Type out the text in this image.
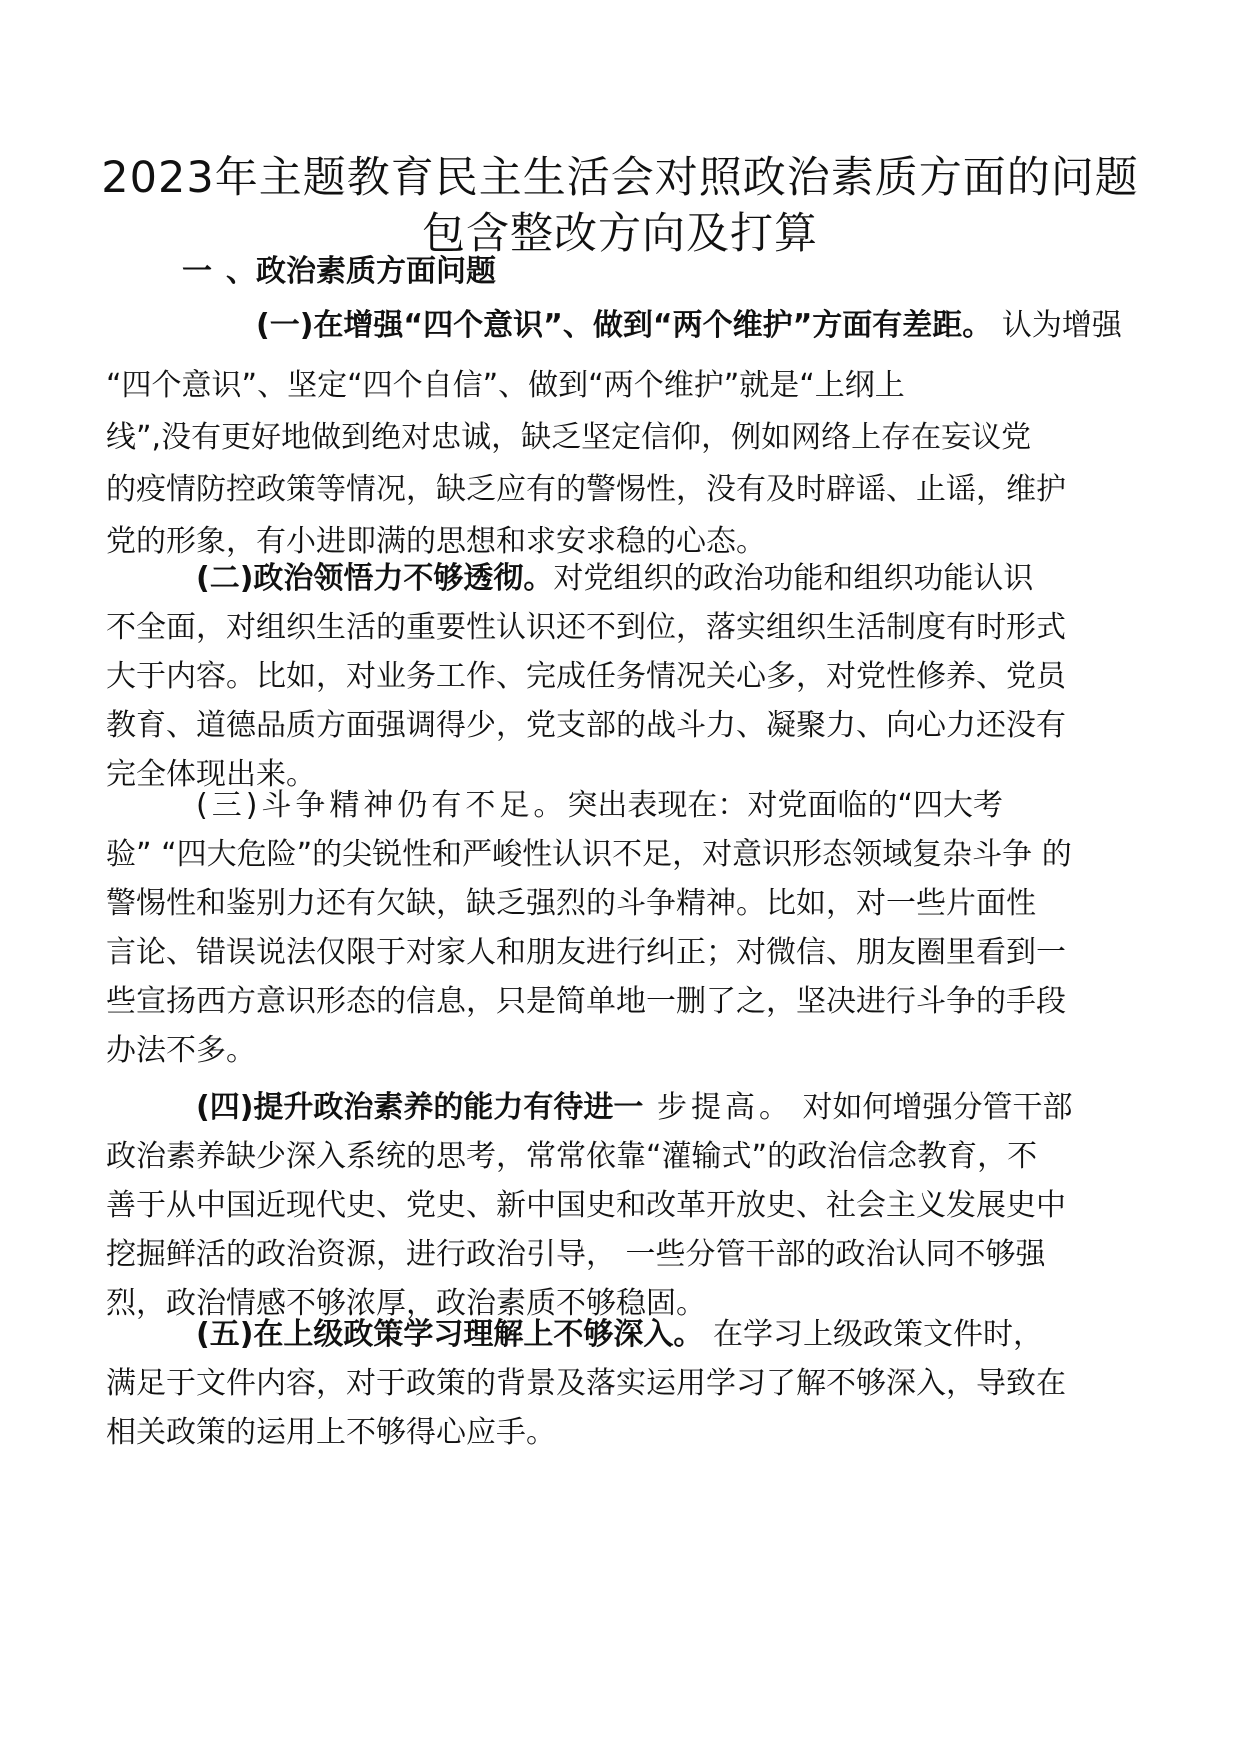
2023年主题教育民主生活会对照政治素质方面的问题
包含整改方向及打算
一 、政治素质方面问题
(一)在增强“四个意识”、做到“两个维护”方面有差距。 认为增强
“四个意识”、坚定“四个自信”、做到“两个维护”就是“上纲上
线”,没有更好地做到绝对忠诚，缺乏坚定信仰，例如网络上存在妄议党
的疫情防控政策等情况，缺乏应有的警惕性，没有及时辟谣、止谣，维护
党的形象，有小进即满的思想和求安求稳的心态。
(二)政治领悟力不够透彻。对党组织的政治功能和组织功能认识
不全面，对组织生活的重要性认识还不到位，落实组织生活制度有时形式
大于内容。比如，对业务工作、完成任务情况关心多，对党性修养、党员
教育、道德品质方面强调得少，党支部的战斗力、凝聚力、向心力还没有
完全体现出来。
(三)斗争精神仍有不足。突出表现在：对党面临的“四大考
验” “四大危险”的尖锐性和严峻性认识不足，对意识形态领域复杂斗争 的
警惕性和鉴别力还有欠缺，缺乏强烈的斗争精神。比如，对一些片面性
言论、错误说法仅限于对家人和朋友进行纠正；对微信、朋友圈里看到一
些宣扬西方意识形态的信息，只是简单地一删了之，坚决进行斗争的手段
办法不多。
(四)提升政治素养的能力有待进一 步提高。 对如何增强分管干部
政治素养缺少深入系统的思考，常常依靠“灌输式”的政治信念教育，不
善于从中国近现代史、党史、新中国史和改革开放史、社会主义发展史中
挖掘鲜活的政治资源，进行政治引导， 一些分管干部的政治认同不够强
烈，政治情感不够浓厚，政治素质不够稳固。
(五)在上级政策学习理解上不够深入。 在学习上级政策文件时，
满足于文件内容，对于政策的背景及落实运用学习了解不够深入，导致在
相关政策的运用上不够得心应手。
